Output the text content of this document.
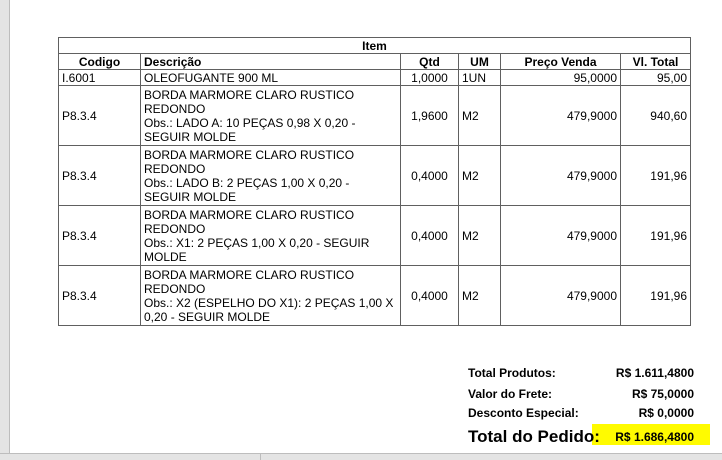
Item					
Codigo	Descrição	Qtd	UM	Preço Venda	Vl. Total
I.6001	OLEOFUGANTE 900 ML	1,0000	1UN	95,0000	95,00
P8.3.4	BORDA MARMORE CLARO RUSTICO
REDONDO
Obs.: LADO A: 10 PEÇAS 0,98 X 0,20 -
SEGUIR MOLDE	1,9600	M2	479,9000	940,60
P8.3.4	BORDA MARMORE CLARO RUSTICO
REDONDO
Obs.: LADO B: 2 PEÇAS 1,00 X 0,20 -
SEGUIR MOLDE	0,4000	M2	479,9000	191,96
P8.3.4	BORDA MARMORE CLARO RUSTICO
REDONDO
Obs.: X1: 2 PEÇAS 1,00 X 0,20 - SEGUIR
MOLDE	0,4000	M2	479,9000	191,96
P8.3.4	BORDA MARMORE CLARO RUSTICO
REDONDO
Obs.: X2 (ESPELHO DO X1): 2 PEÇAS 1,00 X
0,20 - SEGUIR MOLDE	0,4000	M2	479,9000	191,96
Total Produtos:	R$ 1.611,4800
Valor do Frete:	R$ 75,0000
Desconto Especial:	R$ 0,0000
Total do Pedido: R$ 1.686,4800
